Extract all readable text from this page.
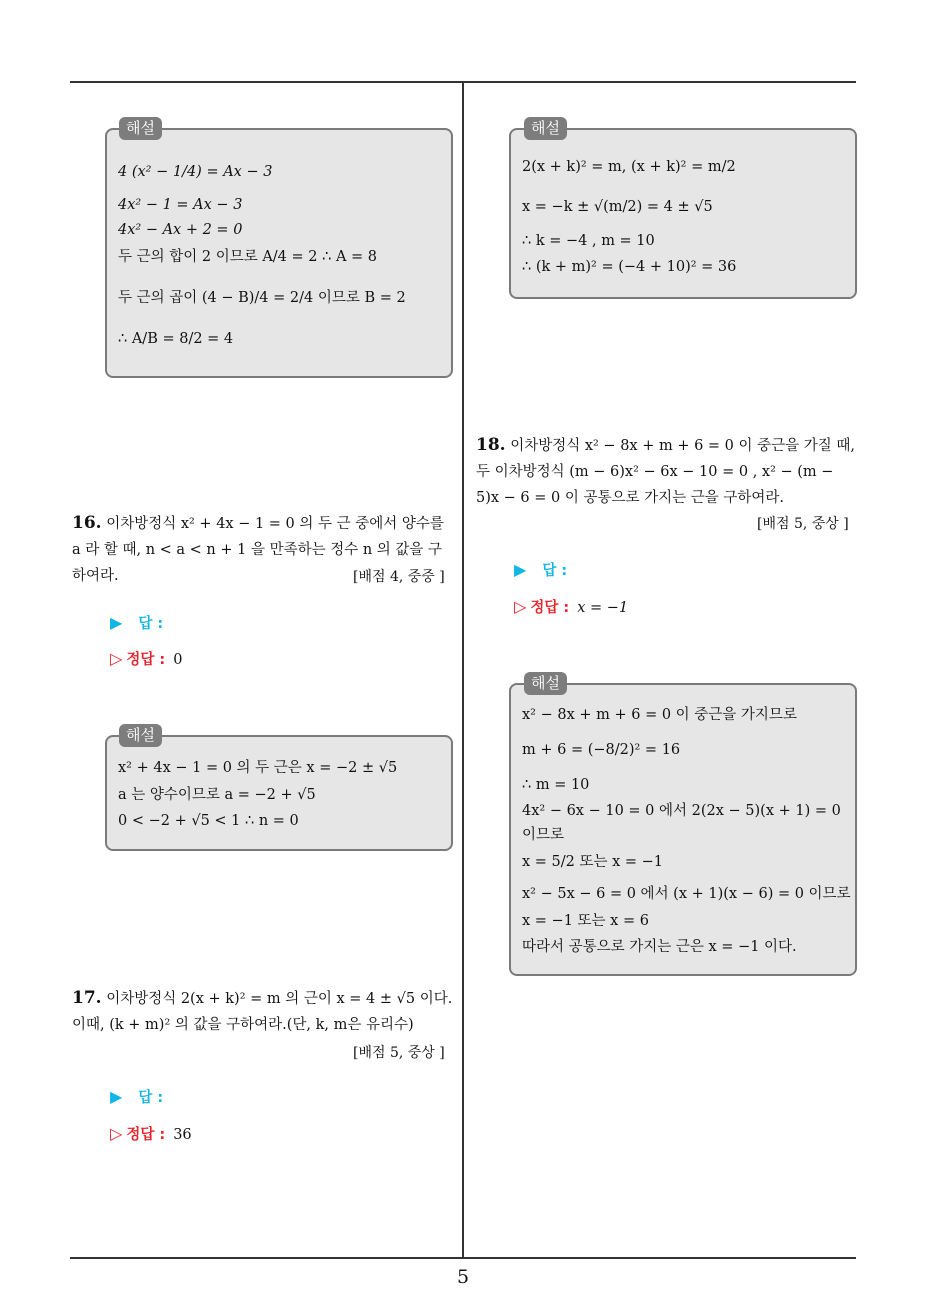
해설
4 (x² − 1/4) = Ax − 3
4x² − 1 = Ax − 3
4x² − Ax + 2 = 0
두 근의 합이 2 이므로 A/4 = 2 ∴ A = 8
두 근의 곱이 (4 − B)/4 = 2/4 이므로 B = 2
∴ A/B = 8/2 = 4
16. 이차방정식 x² + 4x − 1 = 0 의 두 근 중에서 양수를 a 라 할 때, n < a < n + 1 을 만족하는 정수 n 의 값을 구하여라.	[배점 4, 중중 ]
▶ 답 :
▷ 정답 : 0
해설
x² + 4x − 1 = 0 의 두 근은 x = −2 ± √5
a 는 양수이므로 a = −2 + √5
0 < −2 + √5 < 1 ∴ n = 0
17. 이차방정식 2(x + k)² = m 의 근이 x = 4 ± √5 이다. 이때, (k + m)² 의 값을 구하여라.(단, k, m은 유리수)
[배점 5, 중상 ]
▶ 답 :
▷ 정답 : 36
해설
2(x + k)² = m, (x + k)² = m/2
x = −k ± √(m/2) = 4 ± √5
∴ k = −4 , m = 10
∴ (k + m)² = (−4 + 10)² = 36
18. 이차방정식 x² − 8x + m + 6 = 0 이 중근을 가질 때, 두 이차방정식 (m − 6)x² − 6x − 10 = 0 , x² − (m − 5)x − 6 = 0 이 공통으로 가지는 근을 구하여라.
[배점 5, 중상 ]
▶ 답 :
▷ 정답 : x = −1
해설
x² − 8x + m + 6 = 0 이 중근을 가지므로
m + 6 = (−8/2)² = 16
∴ m = 10
4x² − 6x − 10 = 0 에서 2(2x − 5)(x + 1) = 0
이므로
x = 5/2 또는 x = −1
x² − 5x − 6 = 0 에서 (x + 1)(x − 6) = 0 이므로
x = −1 또는 x = 6
따라서 공통으로 가지는 근은 x = −1 이다.
5
